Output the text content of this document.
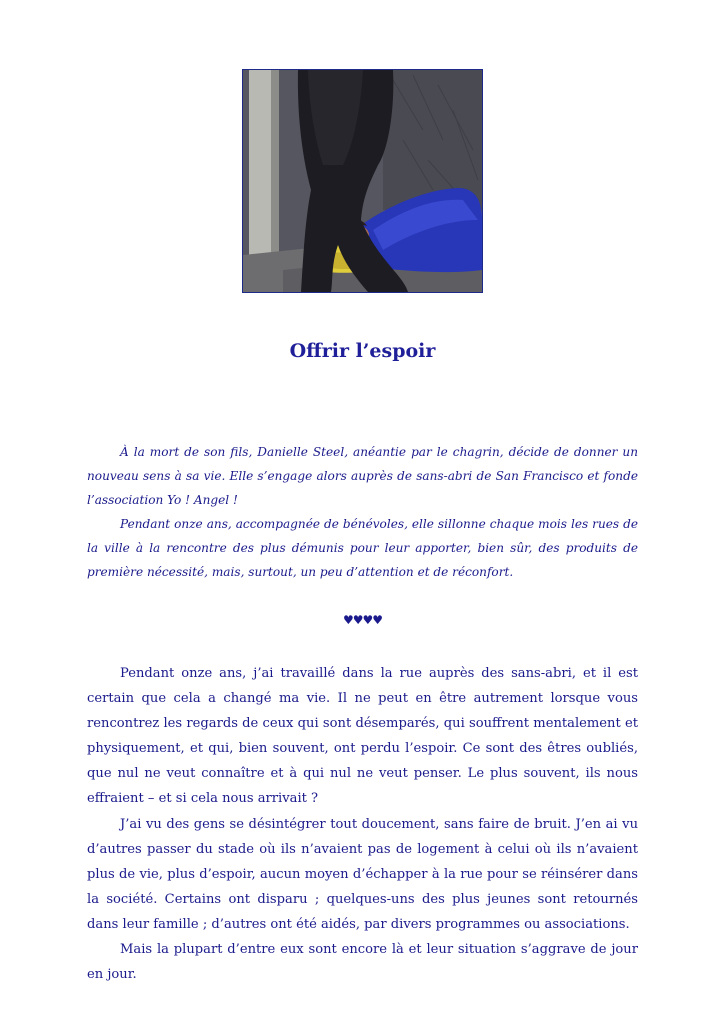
Offrir l’espoir

À la mort de son fils, Danielle Steel, anéantie par le chagrin, décide de donner un nouveau sens à sa vie. Elle s’engage alors auprès de sans-abri de San Francisco et fonde l’association Yo ! Angel !

Pendant onze ans, accompagnée de bénévoles, elle sillonne chaque mois les rues de la ville à la rencontre des plus démunis pour leur apporter, bien sûr, des produits de première nécessité, mais, surtout, un peu d’attention et de réconfort.

♥♥♥♥

Pendant onze ans, j’ai travaillé dans la rue auprès des sans-abri, et il est certain que cela a changé ma vie. Il ne peut en être autrement lorsque vous rencontrez les regards de ceux qui sont désemparés, qui souffrent mentalement et physiquement, et qui, bien souvent, ont perdu l’espoir. Ce sont des êtres oubliés, que nul ne veut connaître et à qui nul ne veut penser. Le plus souvent, ils nous effraient – et si cela nous arrivait ?

J’ai vu des gens se désintégrer tout doucement, sans faire de bruit. J’en ai vu d’autres passer du stade où ils n’avaient pas de logement à celui où ils n’avaient plus de vie, plus d’espoir, aucun moyen d’échapper à la rue pour se réinsérer dans la société. Certains ont disparu ; quelques-uns des plus jeunes sont retournés dans leur famille ; d’autres ont été aidés, par divers programmes ou associations.

Mais la plupart d’entre eux sont encore là et leur situation s’aggrave de jour en jour.
